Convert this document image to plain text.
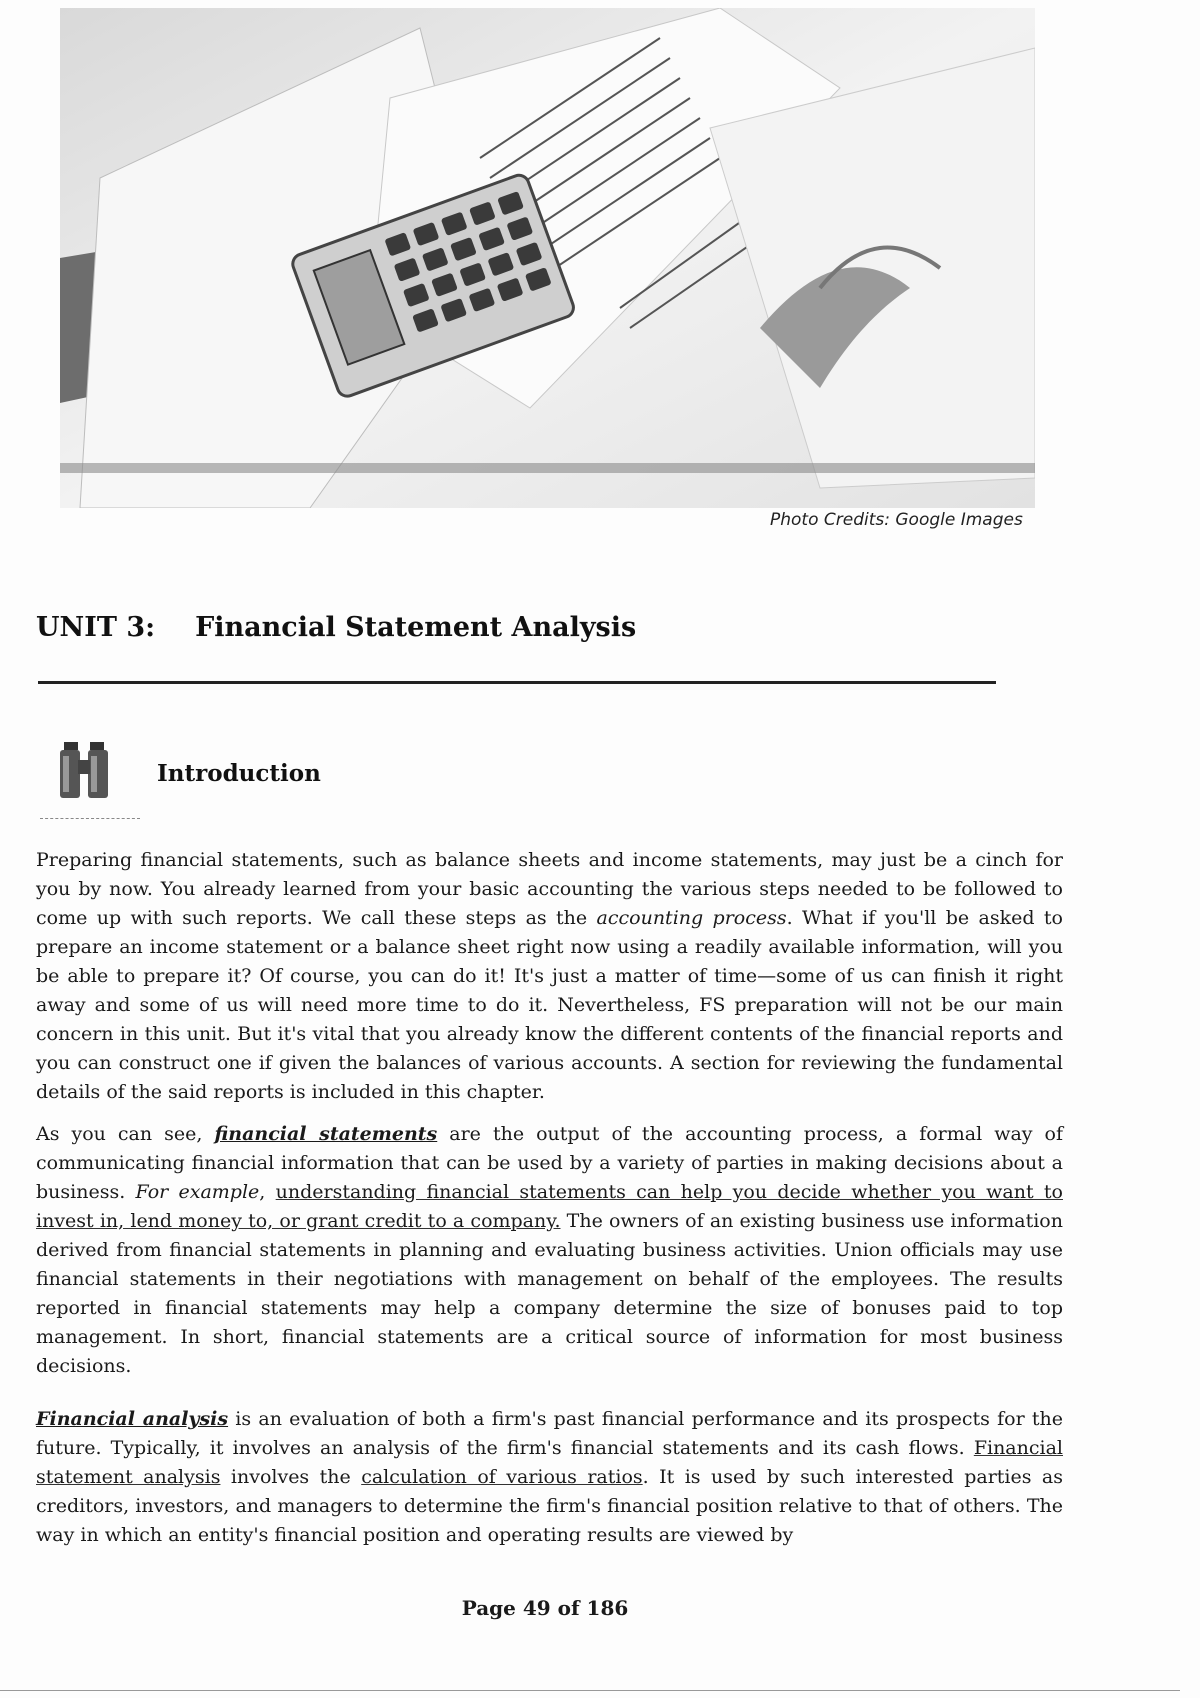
Photo Credits: Google Images
UNIT 3: Financial Statement Analysis
Introduction

Preparing financial statements, such as balance sheets and income statements, may just be a cinch for you by now. You already learned from your basic accounting the various steps needed to be followed to come up with such reports. We call these steps as the accounting process. What if you'll be asked to prepare an income statement or a balance sheet right now using a readily available information, will you be able to prepare it? Of course, you can do it! It's just a matter of time—some of us can finish it right away and some of us will need more time to do it. Nevertheless, FS preparation will not be our main concern in this unit. But it's vital that you already know the different contents of the financial reports and you can construct one if given the balances of various accounts. A section for reviewing the fundamental details of the said reports is included in this chapter.

As you can see, financial statements are the output of the accounting process, a formal way of communicating financial information that can be used by a variety of parties in making decisions about a business. For example, understanding financial statements can help you decide whether you want to invest in, lend money to, or grant credit to a company. The owners of an existing business use information derived from financial statements in planning and evaluating business activities. Union officials may use financial statements in their negotiations with management on behalf of the employees. The results reported in financial statements may help a company determine the size of bonuses paid to top management. In short, financial statements are a critical source of information for most business decisions.

Financial analysis is an evaluation of both a firm's past financial performance and its prospects for the future. Typically, it involves an analysis of the firm's financial statements and its cash flows. Financial statement analysis involves the calculation of various ratios. It is used by such interested parties as creditors, investors, and managers to determine the firm's financial position relative to that of others. The way in which an entity's financial position and operating results are viewed by

Page 49 of 186
